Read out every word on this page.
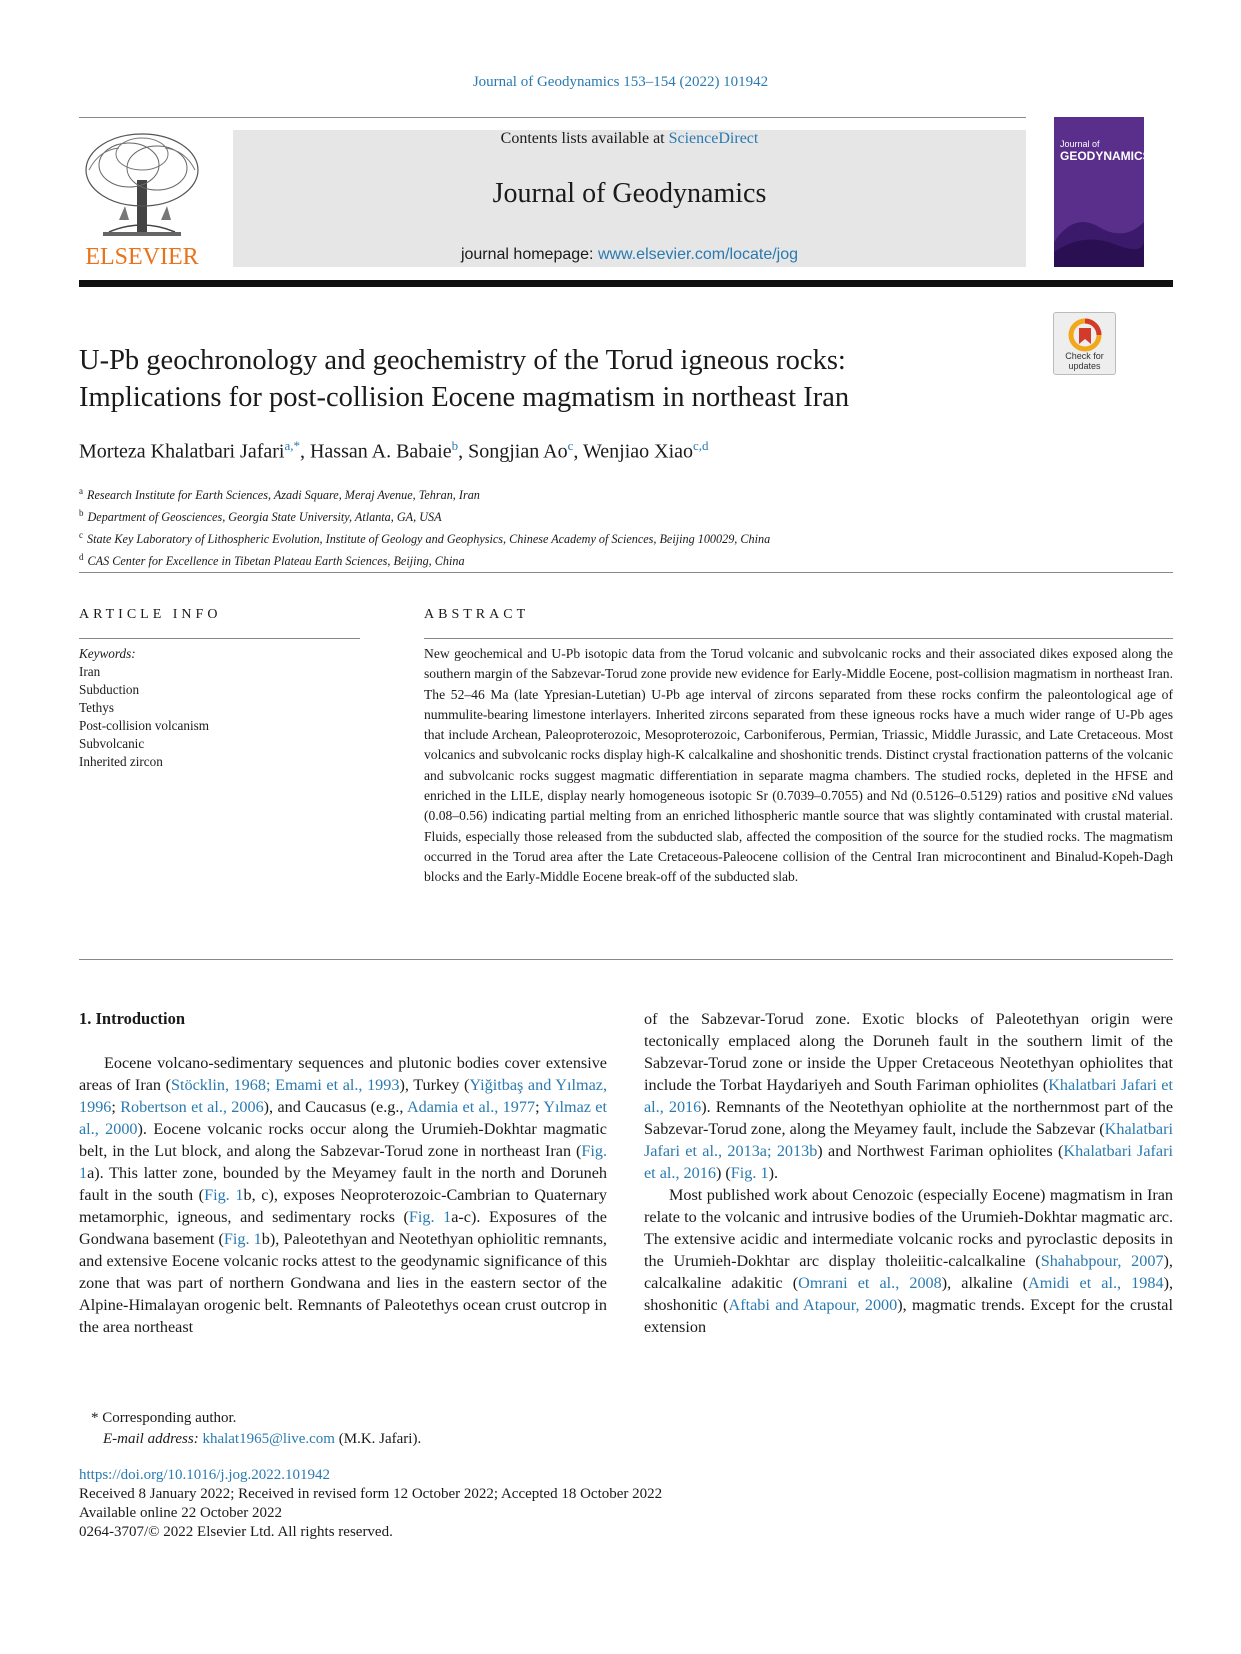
Journal of Geodynamics 153–154 (2022) 101942
ELSEVIER
Contents lists available at ScienceDirect
Journal of Geodynamics
journal homepage: www.elsevier.com/locate/jog
Journal of
GEODYNAMICS
Check for updates
U-Pb geochronology and geochemistry of the Torud igneous rocks:
Implications for post-collision Eocene magmatism in northeast Iran
Morteza Khalatbari Jafari$^{a,*}$, Hassan A. Babaie$^b$, Songjian Ao$^c$, Wenjiao Xiao$^{c,d}$
$^a$ Research Institute for Earth Sciences, Azadi Square, Meraj Avenue, Tehran, Iran
$^b$ Department of Geosciences, Georgia State University, Atlanta, GA, USA
$^c$ State Key Laboratory of Lithospheric Evolution, Institute of Geology and Geophysics, Chinese Academy of Sciences, Beijing 100029, China
$^d$ CAS Center for Excellence in Tibetan Plateau Earth Sciences, Beijing, China
ARTICLE INFO	ABSTRACT
Keywords:
Iran
Subduction
Tethys
Post-collision volcanism
Subvolcanic
Inherited zircon
New geochemical and U-Pb isotopic data from the Torud volcanic and subvolcanic rocks and their associated dikes exposed along the southern margin of the Sabzevar-Torud zone provide new evidence for Early-Middle Eocene, post-collision magmatism in northeast Iran. The 52–46 Ma (late Ypresian-Lutetian) U-Pb age interval of zircons separated from these rocks confirm the paleontological age of nummulite-bearing limestone interlayers. Inherited zircons separated from these igneous rocks have a much wider range of U-Pb ages that include Archean, Paleoproterozoic, Mesoproterozoic, Carboniferous, Permian, Triassic, Middle Jurassic, and Late Cretaceous. Most volcanics and subvolcanic rocks display high-K calcalkaline and shoshonitic trends. Distinct crystal fractionation patterns of the volcanic and subvolcanic rocks suggest magmatic differentiation in separate magma chambers. The studied rocks, depleted in the HFSE and enriched in the LILE, display nearly homogeneous isotopic Sr (0.7039–0.7055) and Nd (0.5126–0.5129) ratios and positive εNd values (0.08–0.56) indicating partial melting from an enriched lithospheric mantle source that was slightly contaminated with crustal material. Fluids, especially those released from the subducted slab, affected the composition of the source for the studied rocks. The magmatism occurred in the Torud area after the Late Cretaceous-Paleocene collision of the Central Iran microcontinent and Binalud-Kopeh-Dagh blocks and the Early-Middle Eocene break-off of the subducted slab.
1. Introduction

Eocene volcano-sedimentary sequences and plutonic bodies cover extensive areas of Iran (Stöcklin, 1968; Emami et al., 1993), Turkey (Yiğitbaş and Yılmaz, 1996; Robertson et al., 2006), and Caucasus (e.g., Adamia et al., 1977; Yılmaz et al., 2000). Eocene volcanic rocks occur along the Urumieh-Dokhtar magmatic belt, in the Lut block, and along the Sabzevar-Torud zone in northeast Iran (Fig. 1a). This latter zone, bounded by the Meyamey fault in the north and Doruneh fault in the south (Fig. 1b, c), exposes Neoproterozoic-Cambrian to Quaternary metamorphic, igneous, and sedimentary rocks (Fig. 1a-c). Exposures of the Gondwana basement (Fig. 1b), Paleotethyan and Neotethyan ophiolitic remnants, and extensive Eocene volcanic rocks attest to the geodynamic significance of this zone that was part of northern Gondwana and lies in the eastern sector of the Alpine-Himalayan orogenic belt. Remnants of Paleotethys ocean crust outcrop in the area northeast

of the Sabzevar-Torud zone. Exotic blocks of Paleotethyan origin were tectonically emplaced along the Doruneh fault in the southern limit of the Sabzevar-Torud zone or inside the Upper Cretaceous Neotethyan ophiolites that include the Torbat Haydariyeh and South Fariman ophiolites (Khalatbari Jafari et al., 2016). Remnants of the Neotethyan ophiolite at the northernmost part of the Sabzevar-Torud zone, along the Meyamey fault, include the Sabzevar (Khalatbari Jafari et al., 2013a; 2013b) and Northwest Fariman ophiolites (Khalatbari Jafari et al., 2016) (Fig. 1).

Most published work about Cenozoic (especially Eocene) magmatism in Iran relate to the volcanic and intrusive bodies of the Urumieh-Dokhtar magmatic arc. The extensive acidic and intermediate volcanic rocks and pyroclastic deposits in the Urumieh-Dokhtar arc display tholeiitic-calcalkaline (Shahabpour, 2007), calcalkaline adakitic (Omrani et al., 2008), alkaline (Amidi et al., 1984), shoshonitic (Aftabi and Atapour, 2000), magmatic trends. Except for the crustal extension

* Corresponding author.
E-mail address: khalat1965@live.com (M.K. Jafari).
https://doi.org/10.1016/j.jog.2022.101942
Received 8 January 2022; Received in revised form 12 October 2022; Accepted 18 October 2022
Available online 22 October 2022
0264-3707/© 2022 Elsevier Ltd. All rights reserved.
